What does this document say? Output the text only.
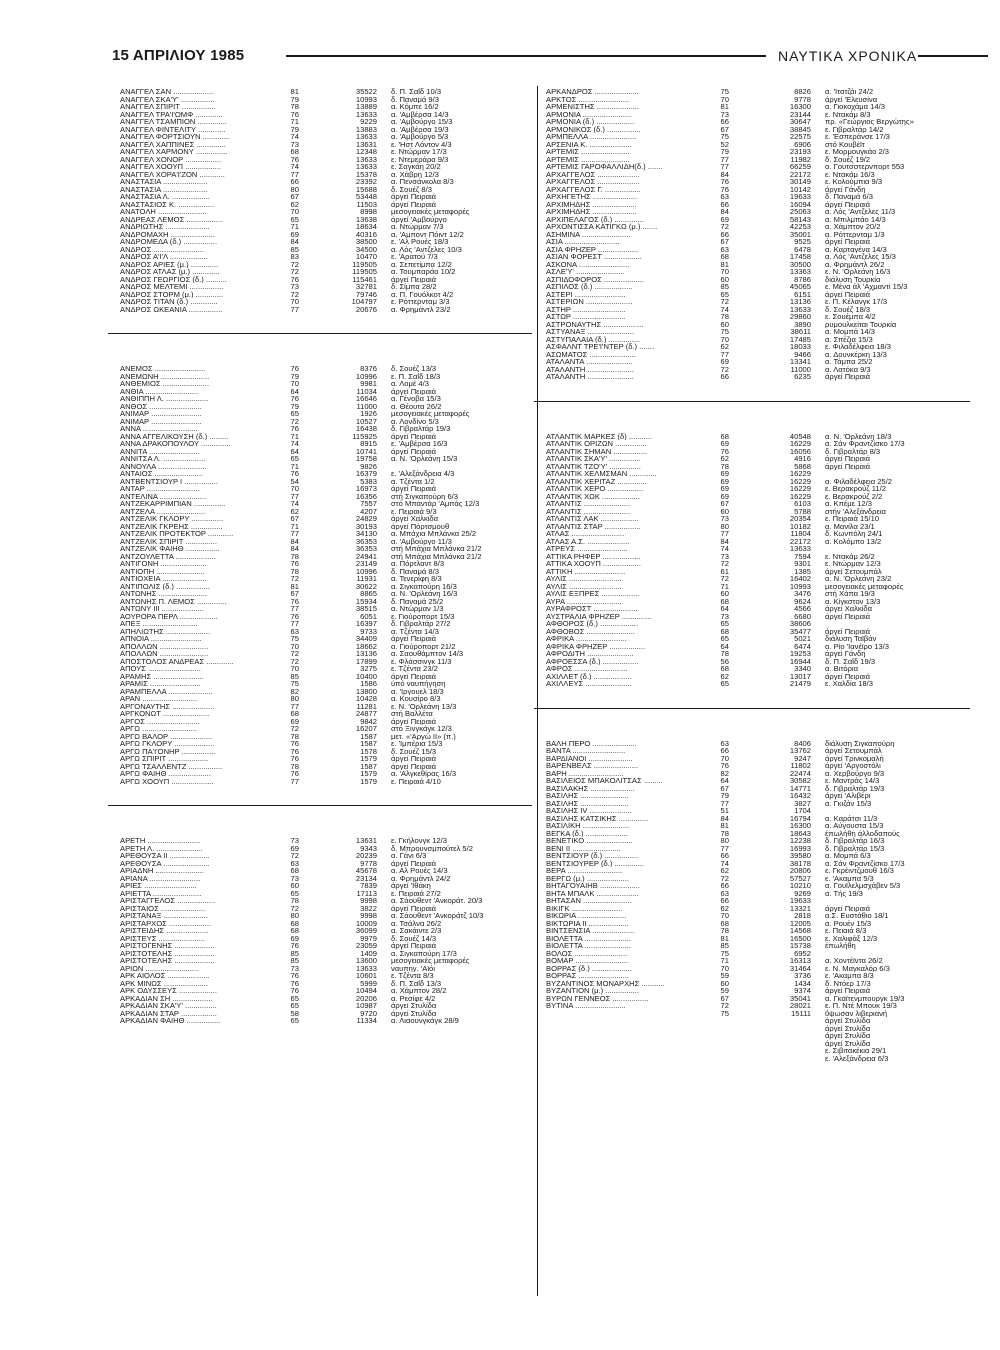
15 ΑΠΡΙΛΙΟΥ 1985	ΝΑΥΤΙΚΑ ΧΡΟΝΙΚΑ
ΑΝΑΓΓΕΛ ΣΑΝ ...................	81	35522	δ. Π. Σαΐδ 10/3
ΑΝΑΓΓΕΛ ΣΚΑ'Υ' ................	79	10993	δ. Παναμά 9/3
ΑΝΑΓΓΕΛ ΣΠΙΡΙΤ ................	78	13889	α. Κόμπε 16/2
ΑΝΑΓΓΕΛ ΤΡΑ'Ι'ΟΜΦ .............	76	13633	α. 'Αμβέρσα 14/3
ΑΝΑΓΓΕΛ ΤΣΑΜΠΙΟΝ ..............	71	9229	α. 'Αμβούργο 15/3
ΑΝΑΓΓΕΛ ΦΙΝΤΕΛΙΤΥ .............	79	13883	α. 'Αμβέρσα 19/3
ΑΝΑΓΓΕΛ ΦΟΡΤΣΙΟΥΝ .............	74	13633	α. 'Αμβούργο 5/3
ΑΝΑΓΓΕΛ ΧΑΠΠΙΝΕΣ ..............	73	13631	ε. 'Ηστ Λόντον 4/3
ΑΝΑΓΓΕΛ ΧΑΡΜΟΝΥ ...............	68	12348	ε. Ντώρμαν 17/3
ΑΝΑΓΓΕΛ ΧΟΝΟΡ .................	76	13633	ε. Ντεμεράρα 9/3
ΑΝΑΓΓΕΛ ΧΟΟΥΠ .................	74	13633	ε. Σαγκάη 20/2
ΑΝΑΓΓΕΛ ΧΟΡΑ'Ι'ΖΟΝ ............	77	15378	α. Χάβρη 12/3
ΑΝΑΣΤΑΣΙΑ .....................	66	23392	α. Πενσάνκολα 8/3
ΑΝΑΣΤΑΣΙΑ .....................	80	15688	δ. Σουέζ 8/3
ΑΝΑΣΤΑΣΙΑ Λ. ..................	67	53448	άργεί Πειραιά
ΑΝΑΣΤΑΣΙΟΣ Κ. .................	62	11503	άργεί Πειραιά
ΑΝΑΤΟΛΗ .......................	70	8998	μεσογειακές μεταφορές
ΑΝΔΡΕΑΣ ΛΕΜΟΣ .................	65	13638	άργεί 'Αμβούργο
ΑΝΔΡΙΩΤΗΣ .....................	71	18634	α. Ντώρμαν 7/3
ΑΝΔΡΟΜΑΧΗ .....................	69	40316	α. 'Αμποντ Πόιντ 12/2
ΑΝΔΡΟΜΕΔΑ (δ.) ................	84	38500	ε. 'Αλ Ρουές 18/3
ΑΝΔΡΟΣ ........................	85	34500	α. Λός 'Αντζελες 10/3
ΑΝΔΡΟΣ Α'Ι'Λ ..................	83	10470	ε. 'Αρατού 7/3
ΑΝΔΡΟΣ ΑΡΙΕΣ (μ.) .............	72	119505	α. Σεπετίμπα 12/2
ΑΝΔΡΟΣ ΑΤΛΑΣ (μ.) .............	72	119505	α. Τουμπαράο 10/2
ΑΝΔΡΟΣ ΓΕΩΡΓΙΟΣ (δ.) ..........	76	115461	άργεί Πειραιά
ΑΝΔΡΟΣ ΜΕΛΤΕΜΙ ................	73	32781	δ. Σίμπα 28/2
ΑΝΔΡΟΣ ΣΤΟΡΜ (μ.) .............	72	79746	α. Π. Γουόλκοτ 4/2
ΑΝΔΡΟΣ ΤΙΤΑΝ (δ.) .............	70	104797	ε. Ρόττερνταμ 3/3
ΑΝΔΡΟΣ ΩΚΕΑΝΙΑ ................	77	20676	α. Φρημάντλ 23/2
ΑΝΕΜΟΣ ........................	76	8376	δ. Σουέζ 13/3
ΑΝΕΜΩΝΗ .......................	79	10996	ε. Π. Σαΐδ 18/3
ΑΝΘΕΜΙΟΣ ......................	70	9981	α. Λομέ 4/3
ΑΝΘΙΑ .........................	64	11034	άργεί Πειραιά
ΑΝΘΙΠΠΗ Λ. ....................	76	16646	α. Γένοβα 15/3
ΑΝΘΟΣ .........................	79	11000	α. Θέουτα 26/2
ΑΝΙΜΑΡ ........................	65	1926	μεσογειακές μεταφορές
ΑΝΙΜΑΡ ........................	72	10527	α. Λονδίνο 5/3
ΑΝΝΑ ..........................	76	16438	δ. Γιβραλτάρ 19/3
ΑΝΝΑ ΑΓΓΕΛΙΚΟΥΣΗ (δ.) .........	71	115925	άργεί Πειραιά
ΑΝΝΑ ΔΡΑΚΟΠΟΥΛΟΥ ..............	74	8915	ε. 'Αμβέρσα 16/3
ΑΝΝΙΤΑ ........................	64	10741	άργεί Πειραιά
ΑΝΝΙΤΣΑ Λ. ....................	65	19758	α. Ν. 'Ορλεάνη 15/3
ΑΝΝΟΥΛΑ .......................	71	9826
ΑΝΤΑΙΟΣ .......................	76	16379	ε. 'Αλεξάνδρεια 4/3
ΑΝΤΒΕΝΤΣΙΟΥΡ Ι ................	54	5383	α. Τζέντα 1/2
ΑΝΤΑΡ .........................	70	16973	άργεί Πειραιά
ΑΝΤΕΛΙΝΑ ......................	77	16356	στή Σιγκαπούρη 6/3
ΑΝΤΖΕΚΑΡΡΙΜΠΙΑΝ ...............	74	7557	στό Μπαντάρ 'Αμπάς 12/3
ΑΝΤΖΕΛΑ .......................	62	4207	ε. Πειραιά 9/3
ΑΝΤΖΕΛΙΚ ΓΚΛΟΡΥ ...............	67	24829	άργεί Χαλκίδα
ΑΝΤΖΕΛΙΚ ΓΚΡΕΗΣ ...............	71	30193	άργεί Πόρτσμουθ
ΑΝΤΖΕΛΙΚ ΠΡΟΤΕΚΤΟΡ ............	77	34130	α. Μπάχια Μπλάνκα 25/2
ΑΝΤΖΕΛΙΚ ΣΠΙΡΙΤ ...............	84	36353	α. 'Αμβούργο 11/3
ΑΝΤΖΕΛΙΚ ΦΑΙΗΘ ................	84	36353	στή Μπάχια Μπλάνκα 21/2
ΑΝΤΖΟΥΛΕΤΤΑ ...................	78	24941	στή Μπάχια Μπλάνκα 21/2
ΑΝΤΙΓΟΝΗ ......................	76	23149	α. Πόρτλαντ 8/3
ΑΝΤΙΟΠΗ .......................	78	10996	δ. Παναμά 8/3
ΑΝΤΙΟΧΕΙΑ .....................	72	11931	α. Τενερίφη 8/3
ΑΝΤΙΠΟΛΙΣ (δ.) ................	81	30622	α. Σιγκαπούρη 16/3
ΑΝΤΩΝΗΣ .......................	67	8865	α. Ν. 'Ορλεάνη 16/3
ΑΝΤΩΝΗΣ Π. ΛΕΜΟΣ ..............	76	15934	δ. Παναμά 25/2
ΑΝΤΩΝΥ ΙΙΙ ....................	77	38515	α. Ντώρμαν 1/3
ΑΟΥΡΟΡΑ ΠΕΡΛ ..................	76	6051	ε. Γιούροπορτ 15/3
ΑΠΕΞ ..........................	77	16397	δ. Γιβραλτάρ 27/2
ΑΠΗΛΙΩΤΗΣ .....................	63	9733	α. Τζέντα 14/3
ΑΠΝΟΙΑ ........................	75	34409	άργεί Πειραιά
ΑΠΟΛΛΩΝ .......................	70	18662	α. Γιούροπορτ 21/2
ΑΠΟΛΛΩΝ .......................	72	13136	α. Σαουθάμπτον 14/3
ΑΠΟΣΤΟΛΟΣ ΑΝΔΡΕΑΣ .............	72	17899	ε. Φλάσσινγκ 11/3
ΑΠΟΥΣ .........................	70	3275	ε. Τζέντα 23/2
ΑΡΑΜΗΣ ........................	85	10400	άργεί Πειραιά
ΑΡΑΜΙΣ ........................	75	1586	ύπό ναυπήγηση
ΑΡΑΜΠΕΛΛΑ .....................	82	13800	α. 'Ιργουελ 18/3
ΑΡΑΝ ..........................	80	10428	α. Κουσίρο 8/3
ΑΡΓΟΝΑΥΤΗΣ ....................	77	11281	ε. Ν. 'Ορλεάνη 13/3
ΑΡΓΚΟΝΩΤ ......................	68	24877	στή Βαλλέτα
ΑΡΓΟΣ .........................	69	9842	άργεί Πειραιά
ΑΡΓΩ ..........................	72	16207	στό Ξινγκάγκ 12/3
ΑΡΓΩ ΒΑΛΟΡ ....................	78	1587	μετ. «'Αργώ ΙΙ» (π.)
ΑΡΓΩ ΓΚΛΟΡΥ ...................	76	1587	ε. 'Ιμπέρια 15/3
ΑΡΓΩ ΠΑ'Ι'ΟΝΗΡ ................	76	1578	δ. Σουέζ 15/3
ΑΡΓΩ ΣΠΙΡΙΤ ...................	76	1579	άργεί Πειραιά
ΑΡΓΩ ΤΣΑΛΛΕΝΤΖ ................	78	1587	άργεί Πειραιά
ΑΡΓΩ ΦΑΙΗΘ ....................	76	1579	α. 'Αλγκεθίρας 16/3
ΑΡΓΩ ΧΟΟΥΠ ....................	77	1579	ε. Πειραιά 4/10
ΑΡΕΤΗ .........................	73	13631	ε. Γκήλονγκ 12/3
ΑΡΕΤΗ Λ. ......................	69	9343	δ. Μπρουνσμπούτελ 5/2
ΑΡΕΘΟΥΣΑ ΙΙ ...................	72	20239	α. Γάνι 6/3
ΑΡΕΘΟΥΣΑ ......................	63	9778	άργεί Πειραιά
ΑΡΙΑΔΝΗ .......................	68	45678	α. Αλ Ρουές 14/3
ΑΡΙΑΝΑ ........................	73	23134	α. Φρημάντλ 24/2
ΑΡΙΕΣ .........................	60	7839	άργεί 'Ιθάκη
ΑΡΙΕΤΤΑ .......................	65	17113	ε. Πειραιά 27/2
ΑΡΙΣΤΑΓΓΕΛΟΣ ..................	78	9998	α. Σάουθεντ 'Ανκοράτ. 20/3
ΑΡΙΣΤΑΙΟΣ .....................	72	3822	άργεί Πειραιά
ΑΡΙΣΤΑΝΑΞ .....................	80	9998	α. Σάουθεντ 'Ανκοράτζ 10/3
ΑΡΙΣΤΑΡΧΟΣ ....................	68	10009	α. Τσάλνα 26/2
ΑΡΙΣΤΕΙΔΗΣ ....................	68	36099	α. Σακάιντε 2/3
ΑΡΙΣΤΕΥΣ ......................	69	9979	δ. Σουέζ 14/3
ΑΡΙΣΤΟΓΕΝΗΣ ...................	76	23059	άργεί Πειραιά
ΑΡΙΣΤΟΤΕΛΗΣ ...................	85	1409	α. Σιγκαπούρη 17/3
ΑΡΙΣΤΟΤΕΛΗΣ ...................	85	13600	μεσογειακές μεταφορές
ΑΡΙΩΝ .........................	73	13633	ναυπηγ. 'Αϊόι
ΑΡΚ ΑΙΟΛΟΣ ....................	76	10601	ε. Τζέντα 8/3
ΑΡΚ ΜΙΝΩΣ .....................	76	5999	δ. Π. Σαΐδ 13/3
ΑΡΚ ΟΔΥΣΣΕΥΣ ..................	76	10494	α. Χάμπτον 28/2
ΑΡΚΑΔΙΑΝ ΣΗ ...................	65	20206	α. Ρεσίφε 4/2
ΑΡΚΑΔΙΑΝ ΣΚΑ'Υ' ...............	65	10987	άργεί Στυλίδα
ΑΡΚΑΔΙΑΝ ΣΤΑΡ .................	58	9720	άργεί Στυλίδα
ΑΡΚΑΔΙΑΝ ΦΑΙΗΘ ................	65	11334	α. Λιαουνγκάγκ 28/9
ΑΡΚΑΝΔΡΟΣ .....................	75	8826	α. 'Ιτατζάι 24/2
ΑΡΚΤΟΣ ........................	70	9778	άργεί 'Ελευσίνα
ΑΡΜΕΝΙΣΤΗΣ ....................	81	16300	α. Γιοκοχάμα 14/3
ΑΡΜΟΝΙΑ .......................	73	23144	ε. Ντακάμ 8/3
ΑΡΜΟΝΙΑ (δ.) ..................	66	30647	πρ. «Γεώργιος Βεργώτης»
ΑΡΜΟΝΙΚΟΣ (δ.) ................	67	38845	ε. Γιβραλτάρ 14/2
ΑΡΜΠΕΛΛΑ ......................	75	22575	ε. 'Εσπεράνσε 17/3
ΑΡΣΕΝΙΑ Κ. ....................	52	6906	στό Κουβέϊτ
ΑΡΤΕΜΙΣ .......................	79	23193	ε. Μορμουγκάο 2/3
ΑΡΤΕΜΙΣ .......................	77	11982	δ. Σουέζ 19/2
ΑΡΤΕΜΙΣ ΓΑΡΟΦΑΛΛΙΔΗ(δ.) .......	77	66259	α. Γουτσστερνπορτ 553
ΑΡΧΑΓΓΕΛΟΣ ....................	84	22172	ε. Ντακάμ 16/3
ΑΡΧΑΓΓΕΛΟΣ ....................	76	30149	ε. Κολούμπια 9/3
ΑΡΧΑΓΓΕΛΟΣ Γ. .................	76	10142	άργεί Γάνδη
ΑΡΧΗΓΕΤΗΣ .....................	63	19633	δ. Παναμά 6/3
ΑΡΧΙΜΗΔΗΣ .....................	66	16094	άργεί Πειραιά
ΑΡΧΙΜΗΔΗΣ .....................	84	25063	α. Λός 'Αντζελες 11/3
ΑΡΧΙΠΕΛΑΓΟΣ (δ.) ..............	69	58143	α. Μπιλμπάο 14/3
ΑΡΧΟΝΤΙΣΣΑ ΚΑΤΙΓΚΩ (μ.) .......	72	42253	α. Χάμπτον 20/2
ΑΣΗΜΙΝΑ .......................	66	35001	α. Ρόττερνταμ 1/3
ΑΣΙΑ ..........................	67	9525	άργεί Πειραιά
ΑΣΙΑ ΦΡΗΖΕΡ ...................	63	6478	α. Καρταγένα 14/3
ΑΣΙΑΝ ΦΟΡΕΣΤ ..................	68	17458	α. Λός 'Αντζελες 15/3
ΑΣΚΟΝΑ ........................	81	30500	α. Φρημάντλ 26/2
ΑΣΛΕ'Υ' .......................	70	13363	ε. Ν. 'Ορλεάνη 16/3
ΑΣΠΙΔΟΦΟΡΟΣ ...................	60	8786	διάλυση Τουρκία
ΑΣΠΙΛΟΣ (δ.) ..................	85	45065	ε. Μένα άλ 'Αχμαντί 15/3
ΑΣΤΕΡΙ ........................	65	6151	άργεί Πειραιά
ΑΣΤΕΡΙΩΝ ......................	72	13136	ε. Π. Κέλανγκ 17/3
ΑΣΤΗΡ .........................	74	13633	δ. Σουέζ 18/3
ΑΣΤΩΡ .........................	78	29860	ε. Σουέμπα 4/2
ΑΣΤΡΟΝΑΥΤΗΣ ...................	60	3890	ρυμουλκείται Τουρκία
ΑΣΤΥΑΝΑΞ ......................	75	38611	α. Μομπά 14/3
ΑΣΤΥΠΑΛΑΙΑ (δ.) ...............	70	17485	α. Σπέζια 15/3
ΑΣΦΑΛΝΤ ΤΡΕ'Ι'ΝΤΕΡ (δ.) .......	62	18033	ε. Φιλαδέλφεια 18/3
ΑΣΩΜΑΤΟΣ ......................	77	9466	α. Δουνκέρκη 13/3
ΑΤΑΛΑΝΤΑ ......................	69	13341	α. Τάμπα 25/2
ΑΤΑΛΑΝΤΗ ......................	72	11000	α. Λατόκα 9/3
ΑΤΑΛΑΝΤΗ ......................	66	6235	άργεί Πειραιά
ΑΤΛΑΝΤΙΚ ΜΑΡΚΕΣ (δ) ...........	68	40548	α. Ν. 'Ορλεάνη 18/3
ΑΤΛΑΝΤΙΚ ΟΡΙΖΩΝ ...............	69	16229	α. Σάν Φραντζίσκο 17/3
ΑΤΛΑΝΤΙΚ ΣΗΜΑΝ ................	76	16056	δ. Γιβραλτάρ 8/3
ΑΤΛΑΝΤΙΚ ΣΚΑ'Υ' ...............	62	4916	άργεί Πειραιά
ΑΤΛΑΝΤΙΚ ΤΖΟ'Υ' ...............	78	5868	άργεί Πειραιά
ΑΤΛΑΝΤΙΚ ΧΕΛΜΣΜΑΝ .............	69	16229
ΑΤΛΑΝΤΙΚ ΧΕΡΙΤΑΖ ..............	69	16229	α. Φιλαδέλφεια 25/2
ΑΤΛΑΝΤΙΚ ΧΕΡΟ .................	69	16229	ε. Βερακρούζ 11/2
ΑΤΛΑΝΤΙΚ ΧΩΚ ..................	69	16229	ε. Βερακρούζ 2/2
ΑΤΛΑΝΤΙΣ ......................	67	6103	α. Κπέμε 12/3
ΑΤΛΑΝΤΙΣ ......................	60	5788	στήν 'Αλεξάνδρεια
ΑΤΛΑΝΤΙΣ ΛΑΚ ..................	73	20354	ε. Πειραιά 15/10
ΑΤΛΑΝΤΙΣ ΣΤΑΡ .................	80	10182	α. Μανίλα 23/1
ΑΤΛΑΣ .........................	77	11804	δ. Κωνπόλη 24/1
ΑΤΛΑΣ Α.Σ. ....................	84	22172	α. Κολόμπο 13/2
ΑΤΡΕΥΣ ........................	74	13633
ΑΤΤΙΚΑ ΡΗΦΕΡ ..................	73	7594	ε. Ντακάμ 26/2
ΑΤΤΙΚΑ ΧΟΟΥΠ ..................	72	9301	ε. Ντώρμαν 12/3
ΑΤΤΙΚΗ ........................	61	1385	άργεί Σετουμπάλ
ΑΥΛΙΣ .........................	72	16402	α. Ν. 'Ορλεάνη 23/2
ΑΥΛΙΣ .........................	71	10993	μεσογειακές μεταφορές
ΑΥΛΙΣ ΕΞΠΡΕΣ ..................	60	3476	στή Χάπα 19/3
ΑΥΡΑ ..........................	68	9624	α. Κίγκστον 13/3
ΑΥΡΑΦΡΟΣΤ .....................	64	4566	άργεί Χαλκίδα
ΑΥΣΤΡΑΛΙΑ ΦΡΗΖΕΡ ..............	73	6680	άργεί Πειραιά
ΑΦΘΟΡΟΣ (δ.) ..................	65	38606
ΑΦΘΟΒΟΣ .......................	68	35477	άργεί Πειραιά
ΑΦΡΙΚΑ ........................	65	5021	διάλυση Ταϊβάν
ΑΦΡΙΚΑ ΦΡΗΖΕΡ .................	64	6474	α. Ρίο 'Ιανέϊρο 13/3
ΑΦΡΟΔΙΤΗ ......................	78	19253	άργεί Γάνδη
ΑΦΡΟΕΣΣΑ (δ.) .................	56	16944	δ. Π. Σαΐδ 19/3
ΑΦΡΟΣ .........................	68	3340	α. Βιτόρια
ΑΧΙΛΛΕΤ (δ.) ..................	62	13017	άργεί Πειραιά
ΑΧΙΛΛΕΥΣ ......................	65	21479	ε. Χαλδία 18/3
ΒΑΛΗ ΠΕΡΟ .....................	63	8406	διάλυση Σιγκαπούρη
ΒΑΝΤΑ .........................	66	13762	άργεί Σετουμπάλ
ΒΑΡΔΙΑΝΟΙ .....................	70	9247	άργεί Τρινκομαλή
ΒΑΡΕΝΒΕΛΣ .....................	76	11802	άργεί 'Αργοστόλι
ΒΑΡΗ ..........................	82	22474	α. Χερβούργο 9/3
ΒΑΣΙΛΕΙΟΣ ΜΠΑΚΟΛΙΤΣΑΣ .........	64	30582	ε. Μαντράς 14/3
ΒΑΣΙΛΑΚΗΣ .....................	67	14771	δ. Γιβραλτάρ 19/3
ΒΑΣΙΛΗΣ .......................	79	16432	άργεί 'Αλιβέρι
ΒΑΣΙΛΗΣ .......................	77	3827	α. Γκιζάν 15/3
ΒΑΣΙΛΗΣ ΙV ....................	51	1704
ΒΑΣΙΛΗΣ ΚΑΤΣΙΚΗΣ ..............	84	16794	α. Καράτσι 11/3
ΒΑΣΙΛΙΚΗ ......................	81	16300	α. Αύγουστα 15/3
ΒΕΓΚΑ (δ.) ....................	78	18643	έπωλήθη άλλοδαπούς
ΒΕΝΕΤΙΚΟ ......................	80	12238	δ. Γιβραλτάρ 16/3
ΒΕΝΙ ΙΙ .......................	77	16993	δ. Γιβραλτάρ 15/3
ΒΕΝΤΣΙΟΥΡ (δ.) ................	66	39580	α. Μομπά 6/3
ΒΕΝΤΣΙΟΥΡΕΡ (δ.) ..............	74	38178	α. Σάν Φραντζίσκο 17/3
ΒΕΡΑ ..........................	62	20806	ε. Γκρέιντζμουθ 16/3
ΒΕΡΓΩ (μ.) ....................	72	57527	ε. 'Ακαμπα 5/3
ΒΗΤΑΓΟΥΑΙΗΒ ...................	66	10210	α. Γουϊλελμσχάβεν 5/3
ΒΗΤΑ ΜΠΑΛΚ ....................	63	9269	α. Τής 19/3
ΒΗΤΑΣΑΝ .......................	66	19633
ΒΙΚΙΓΚ ........................	62	13321	άργεί Πειραιά
ΒΙΚΩΡΙΑ .......................	70	2818	α.Σ. Ευστάθιο 18/1
ΒΙΚΤΩΡΙΑ ΙΙ ...................	68	12005	α. Ρουέν 15/3
ΒΙΝΤΣΕΝΣΙΑ ....................	78	14568	ε. Πειαιά 8/3
ΒΙΟΛΕΤΤΑ ......................	81	16500	ε. Χαλιφάξ 12/3
ΒΙΟΛΕΤΤΑ ......................	85	15738	έπωλήθη
ΒΟΛΟΣ .........................	75	6952
ΒΟΜΑΡ .........................	71	16313	α. Χοντέϊντα 26/2
ΒΟΡΡΑΣ (δ.) ...................	70	31464	ε. Ν. Μαγκαλόρ 6/3
ΒΟΡΡΑΣ ........................	59	3736	ε. 'Ακαμπα 8/3
ΒΥΖΑΝΤΙΝΟΣ ΜΟΝΑΡΧΗΣ ...........	60	1434	δ. Ντόερ 17/3
ΒΥΖΑΝΤΙΟΝ (μ.) ................	59	9374	άργεί Πειραιά
ΒΥΡΩΝ ΓΕΝΝΕΟΣ .................	67	35041	α. Γκαϊτενμπουργκ 19/3
ΒΥΤΙΝΑ ........................	72	28021	ε. Π. Ντέ Μπουκ 19/3
75	15111	ΰψωσαν λιβεριανή
άργεί Στυλίδα
άργεί Στυλίδα
άργεί Στυλίδα
άργεί Στυλίδα
ε. Σιβιτακέκια 29/1
ε. 'Αλεξάνδρεια 6/3
